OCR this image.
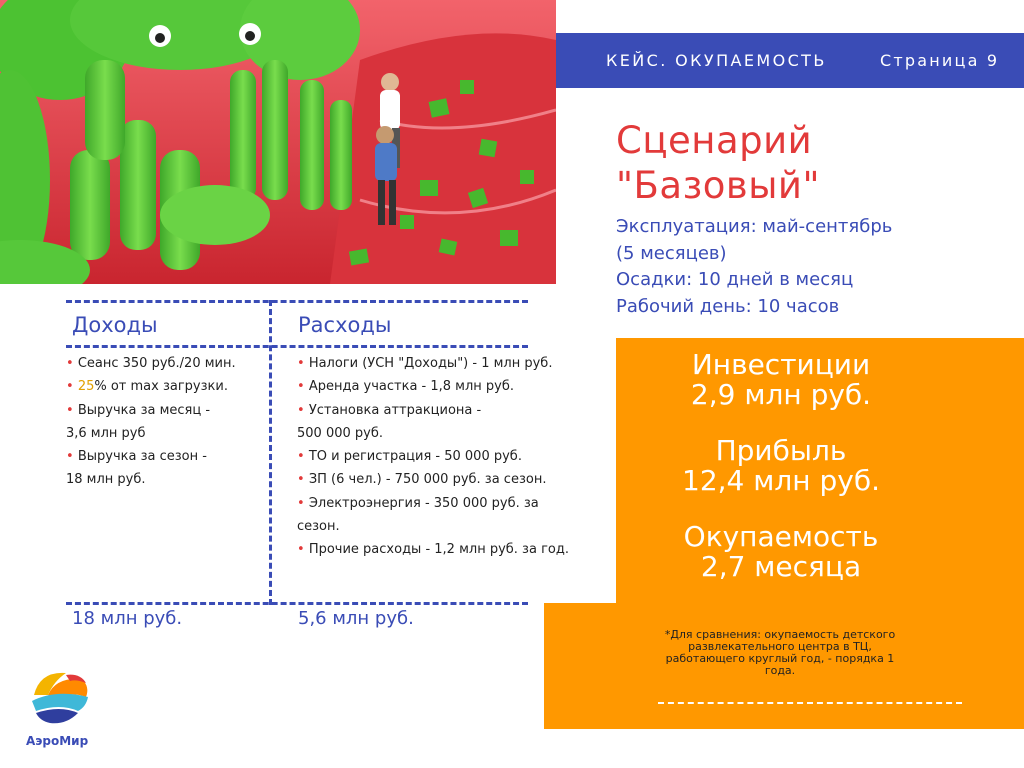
КЕЙС. ОКУПАЕМОСТЬ	Страница 9
Сценарий
"Базовый"
Эксплуатация: май-сентябрь
(5 месяцев)
Осадки: 10 дней в месяц
Рабочий день: 10 часов
Инвестиции
2,9 млн руб.
Прибыль
12,4 млн руб.
Окупаемость
2,7 месяца
*Для сравнения: окупаемость детского развлекательного центра в ТЦ, работающего круглый год, - порядка 1 года.
Доходы
• Сеанс 350 руб./20 мин.
• 25% от max загрузки.
• Выручка за месяц -
3,6 млн руб
• Выручка за сезон -
18 млн руб.
18 млн руб.
Расходы
• Налоги (УСН "Доходы") - 1 млн руб.
• Аренда участка - 1,8 млн руб.
• Установка аттракциона -
500 000 руб.
• ТО и регистрация - 50 000 руб.
• ЗП (6 чел.) - 750 000 руб. за сезон.
• Электроэнергия - 350 000 руб. за
сезон.
• Прочие расходы - 1,2 млн руб. за год.
5,6 млн руб.
АэроМир
